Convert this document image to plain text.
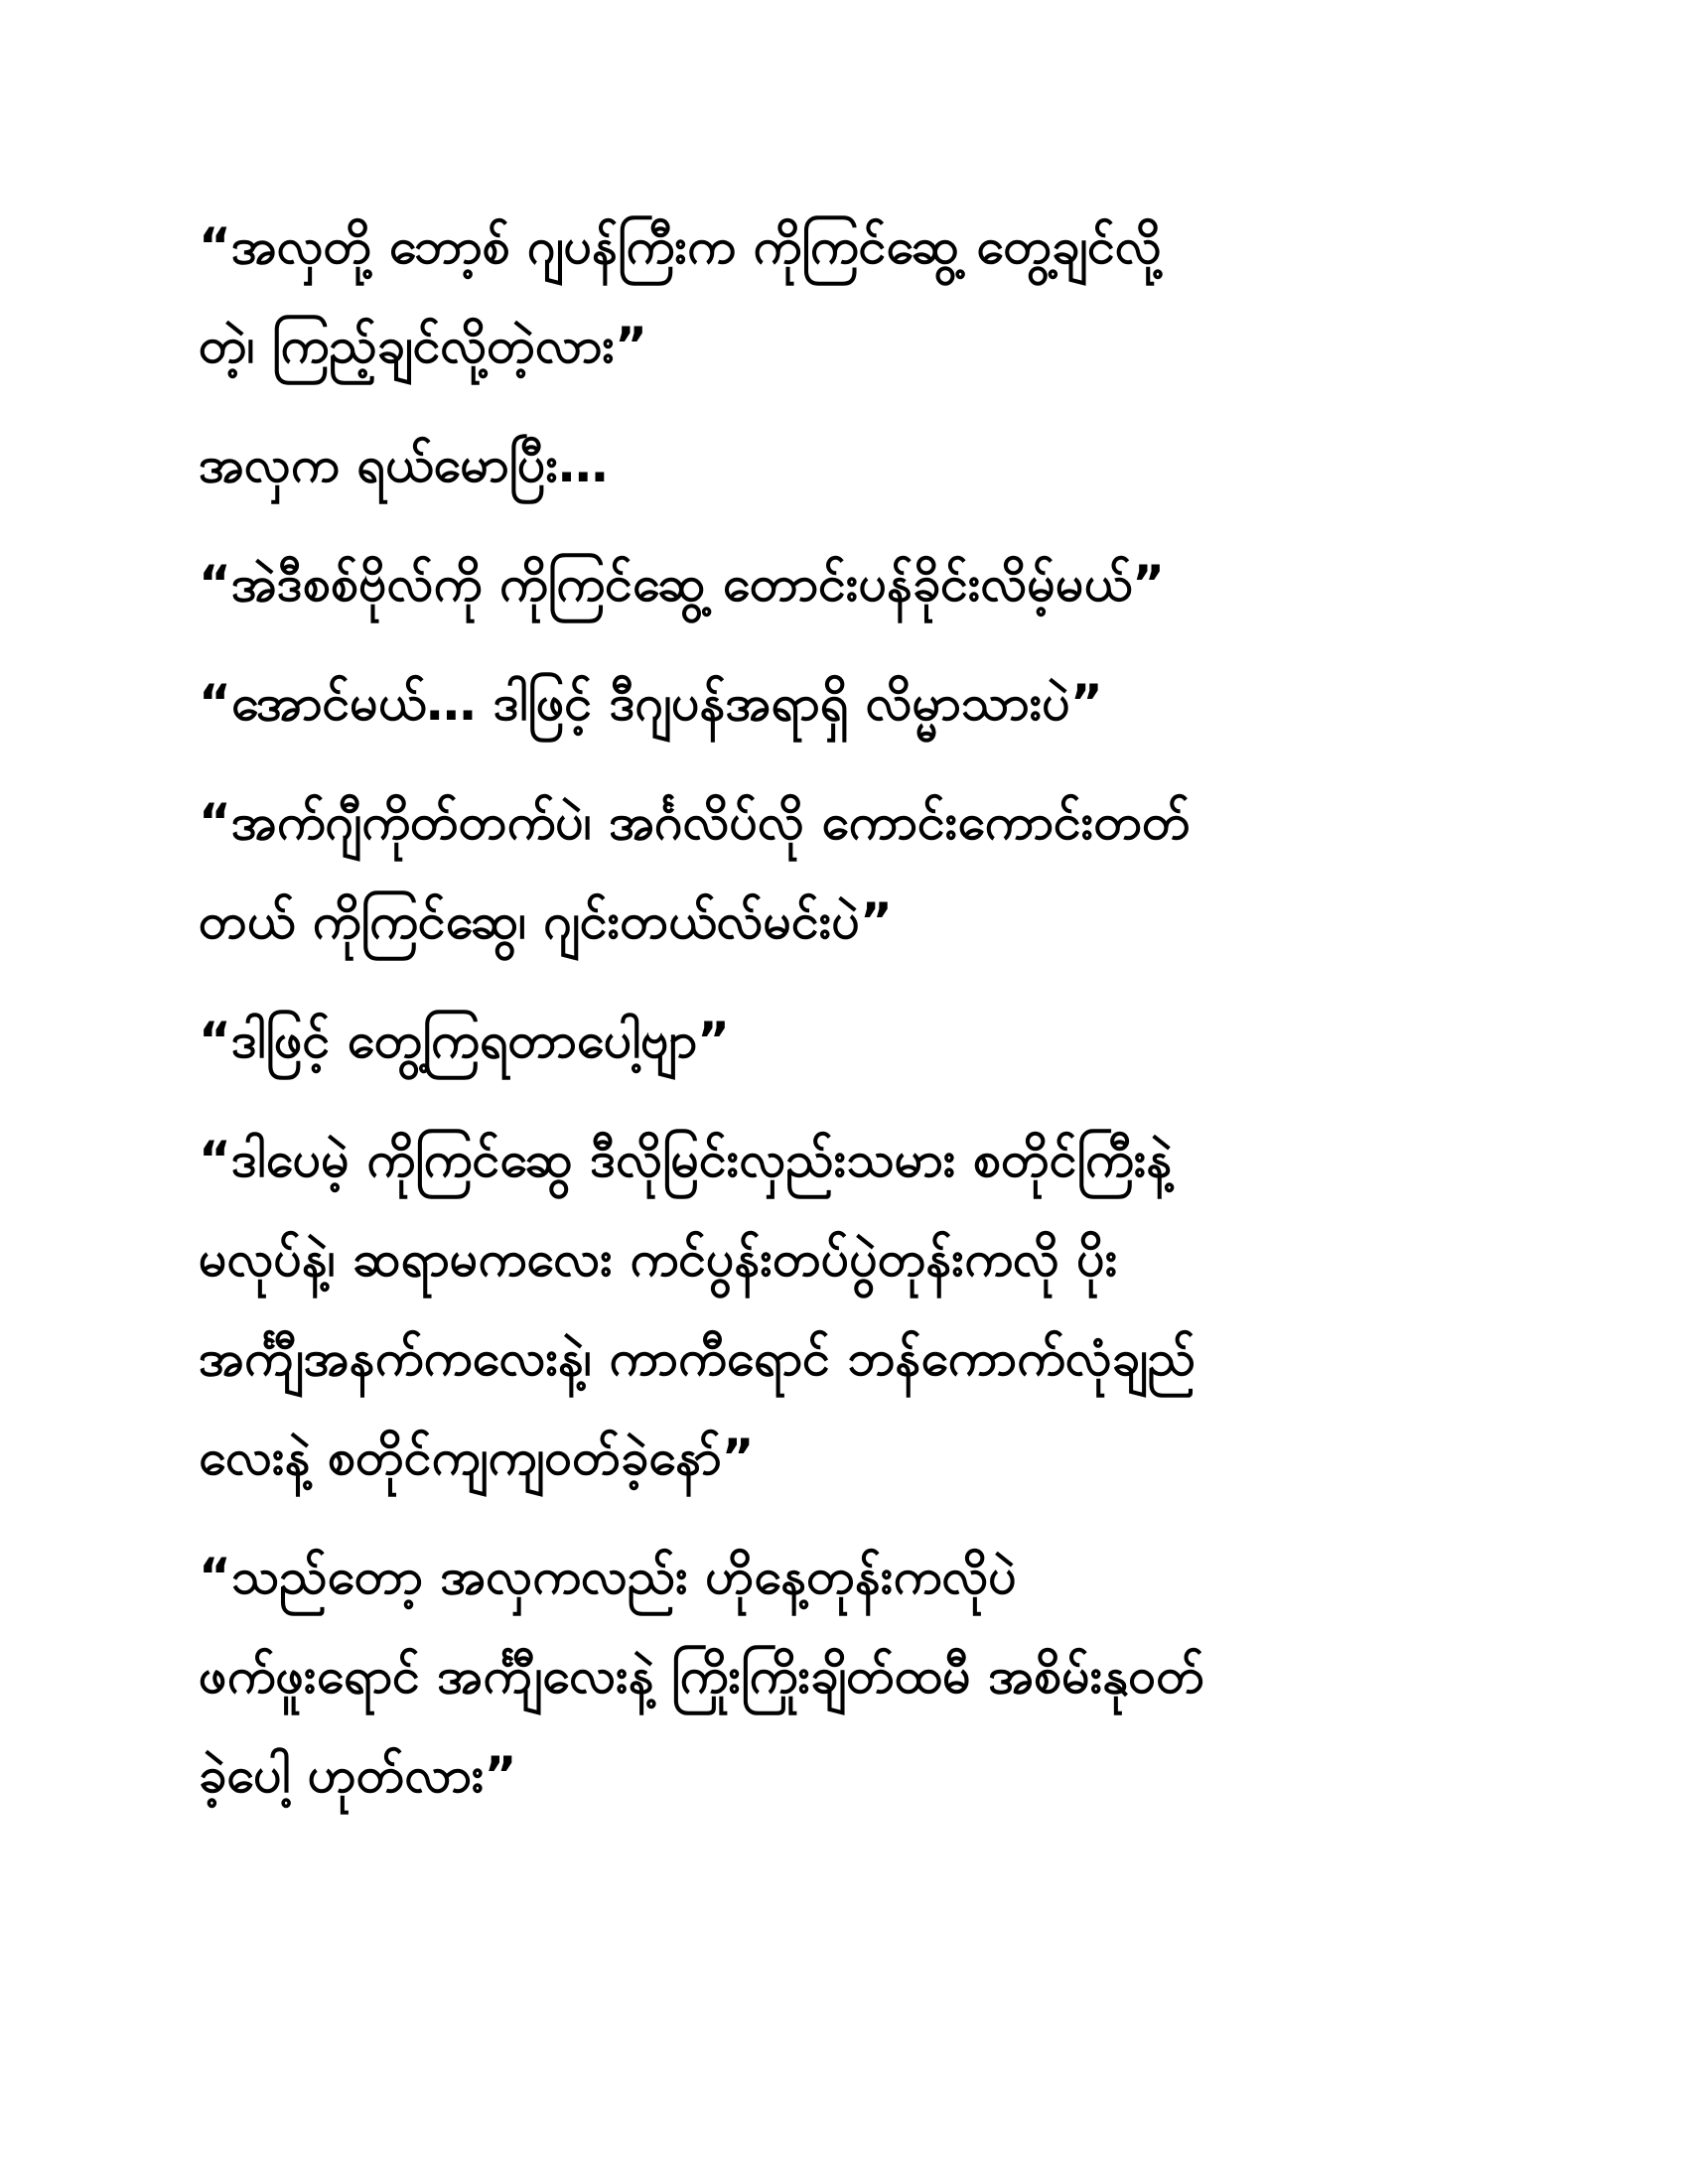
“အလှတို့ ဘော့စ် ဂျပန်ကြီးက ကိုကြင်ဆွေ့ တွေ့ချင်လို့
တဲ့၊ ကြည့်ချင်လို့တဲ့လား”
အလှက ရယ်မောပြီး…
“အဲဒီစစ်ဗိုလ်ကို ကိုကြင်ဆွေ့ တောင်းပန်ခိုင်းလိမ့်မယ်”
“အောင်မယ်… ဒါဖြင့် ဒီဂျပန်အရာရှိ လိမ္မာသားပဲ”
“အက်ဂျီကိုတ်တက်ပဲ၊ အင်္ဂလိပ်လို ကောင်းကောင်းတတ်
တယ် ကိုကြင်ဆွေ၊ ဂျင်းတယ်လ်မင်းပဲ”
“ဒါဖြင့် တွေ့ကြရတာပေါ့ဗျာ”
“ဒါပေမဲ့ ကိုကြင်ဆွေ ဒီလိုမြင်းလှည်းသမား စတိုင်ကြီးနဲ့
မလုပ်နဲ့၊ ဆရာမကလေး ကင်ပွန်းတပ်ပွဲတုန်းကလို ပိုး
အင်္ကျီအနက်ကလေးနဲ့၊ ကာကီရောင် ဘန်ကောက်လုံချည်
လေးနဲ့ စတိုင်ကျကျဝတ်ခဲ့နော်”
“သည်တော့ အလှကလည်း ဟိုနေ့တုန်းကလိုပဲ
ဖက်ဖူးရောင် အင်္ကျီလေးနဲ့ ကြိုးကြိုးချိတ်ထမီ အစိမ်းနုဝတ်
ခဲ့ပေါ့ ဟုတ်လား”
